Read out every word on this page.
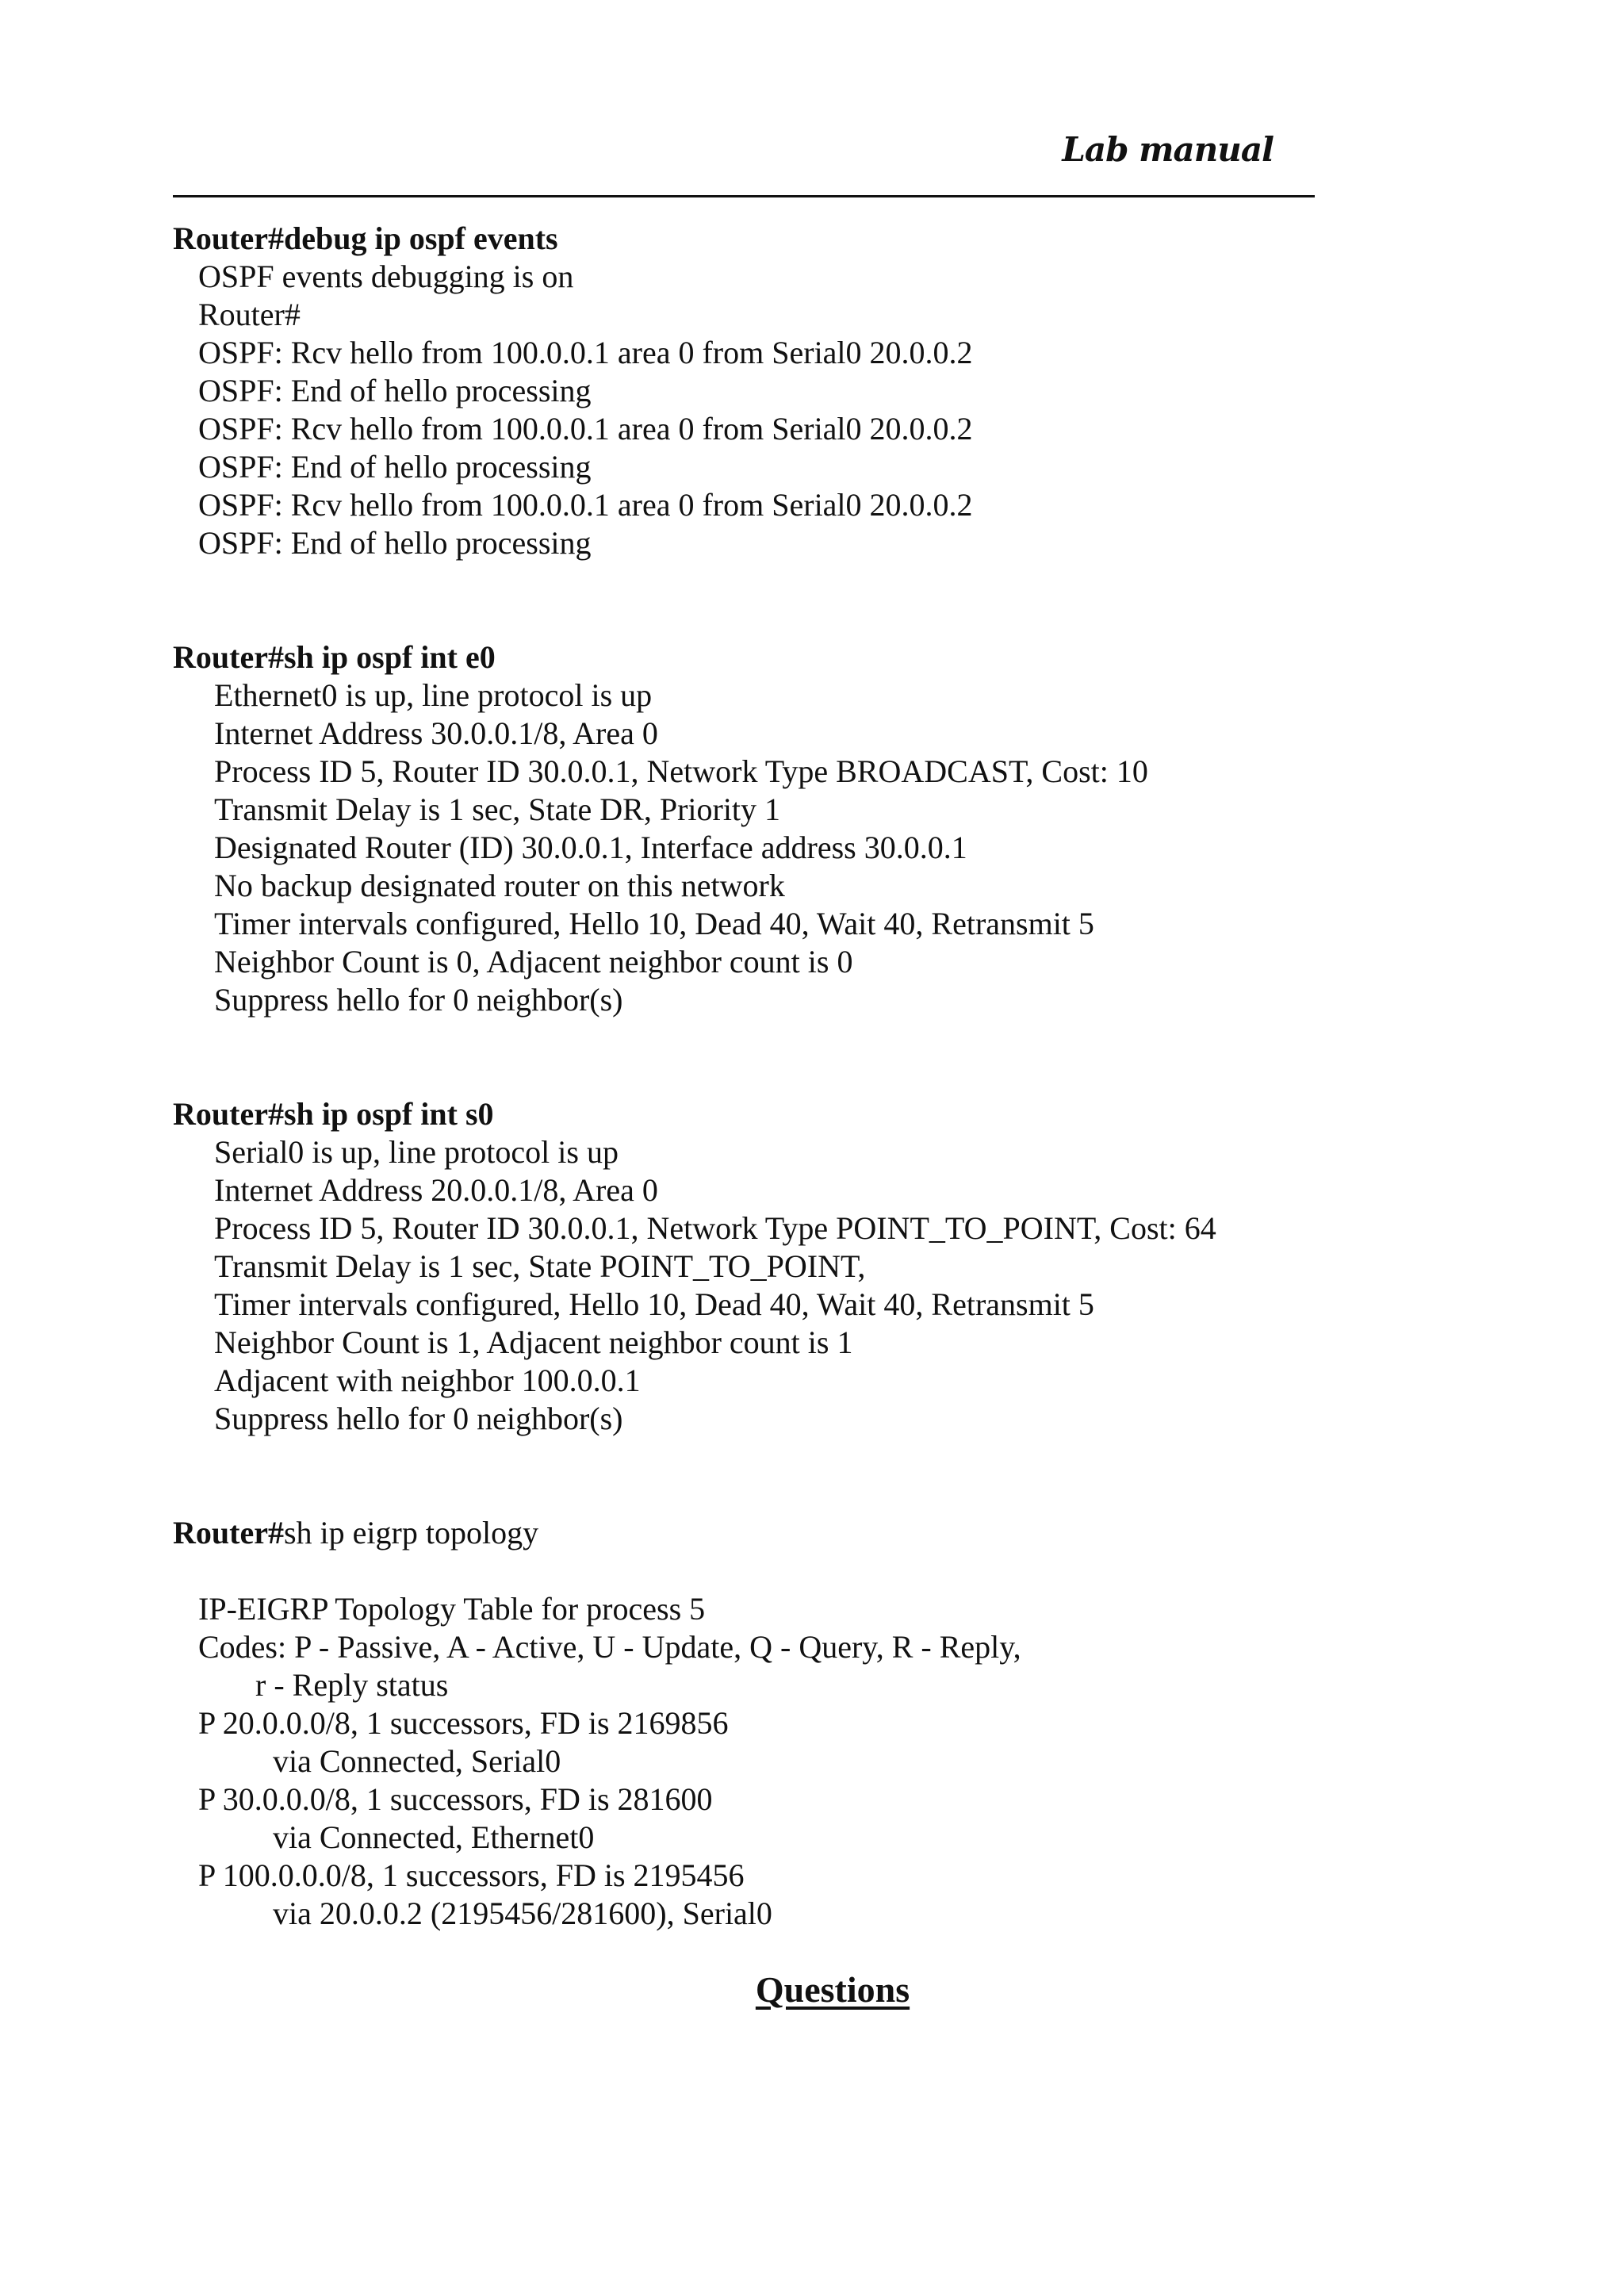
Lab manual
Router#debug ip ospf events
OSPF events debugging is on
Router#
OSPF: Rcv hello from 100.0.0.1 area 0 from Serial0 20.0.0.2
OSPF: End of hello processing
OSPF: Rcv hello from 100.0.0.1 area 0 from Serial0 20.0.0.2
OSPF: End of hello processing
OSPF: Rcv hello from 100.0.0.1 area 0 from Serial0 20.0.0.2
OSPF: End of hello processing
Router#sh ip ospf int e0
Ethernet0 is up, line protocol is up
Internet Address 30.0.0.1/8, Area 0
Process ID 5, Router ID 30.0.0.1, Network Type BROADCAST, Cost: 10
Transmit Delay is 1 sec, State DR, Priority 1
Designated Router (ID) 30.0.0.1, Interface address 30.0.0.1
No backup designated router on this network
Timer intervals configured, Hello 10, Dead 40, Wait 40, Retransmit 5
Neighbor Count is 0, Adjacent neighbor count is 0
Suppress hello for 0 neighbor(s)
Router#sh ip ospf int s0
Serial0 is up, line protocol is up
Internet Address 20.0.0.1/8, Area 0
Process ID 5, Router ID 30.0.0.1, Network Type POINT_TO_POINT, Cost: 64
Transmit Delay is 1 sec, State POINT_TO_POINT,
Timer intervals configured, Hello 10, Dead 40, Wait 40, Retransmit 5
Neighbor Count is 1, Adjacent neighbor count is 1
Adjacent with neighbor 100.0.0.1
Suppress hello for 0 neighbor(s)
Router#sh ip eigrp topology
IP-EIGRP Topology Table for process 5
Codes: P - Passive, A - Active, U - Update, Q - Query, R - Reply,
r - Reply status
P 20.0.0.0/8, 1 successors, FD is 2169856
via Connected, Serial0
P 30.0.0.0/8, 1 successors, FD is 281600
via Connected, Ethernet0
P 100.0.0.0/8, 1 successors, FD is 2195456
via 20.0.0.2 (2195456/281600), Serial0
Questions
